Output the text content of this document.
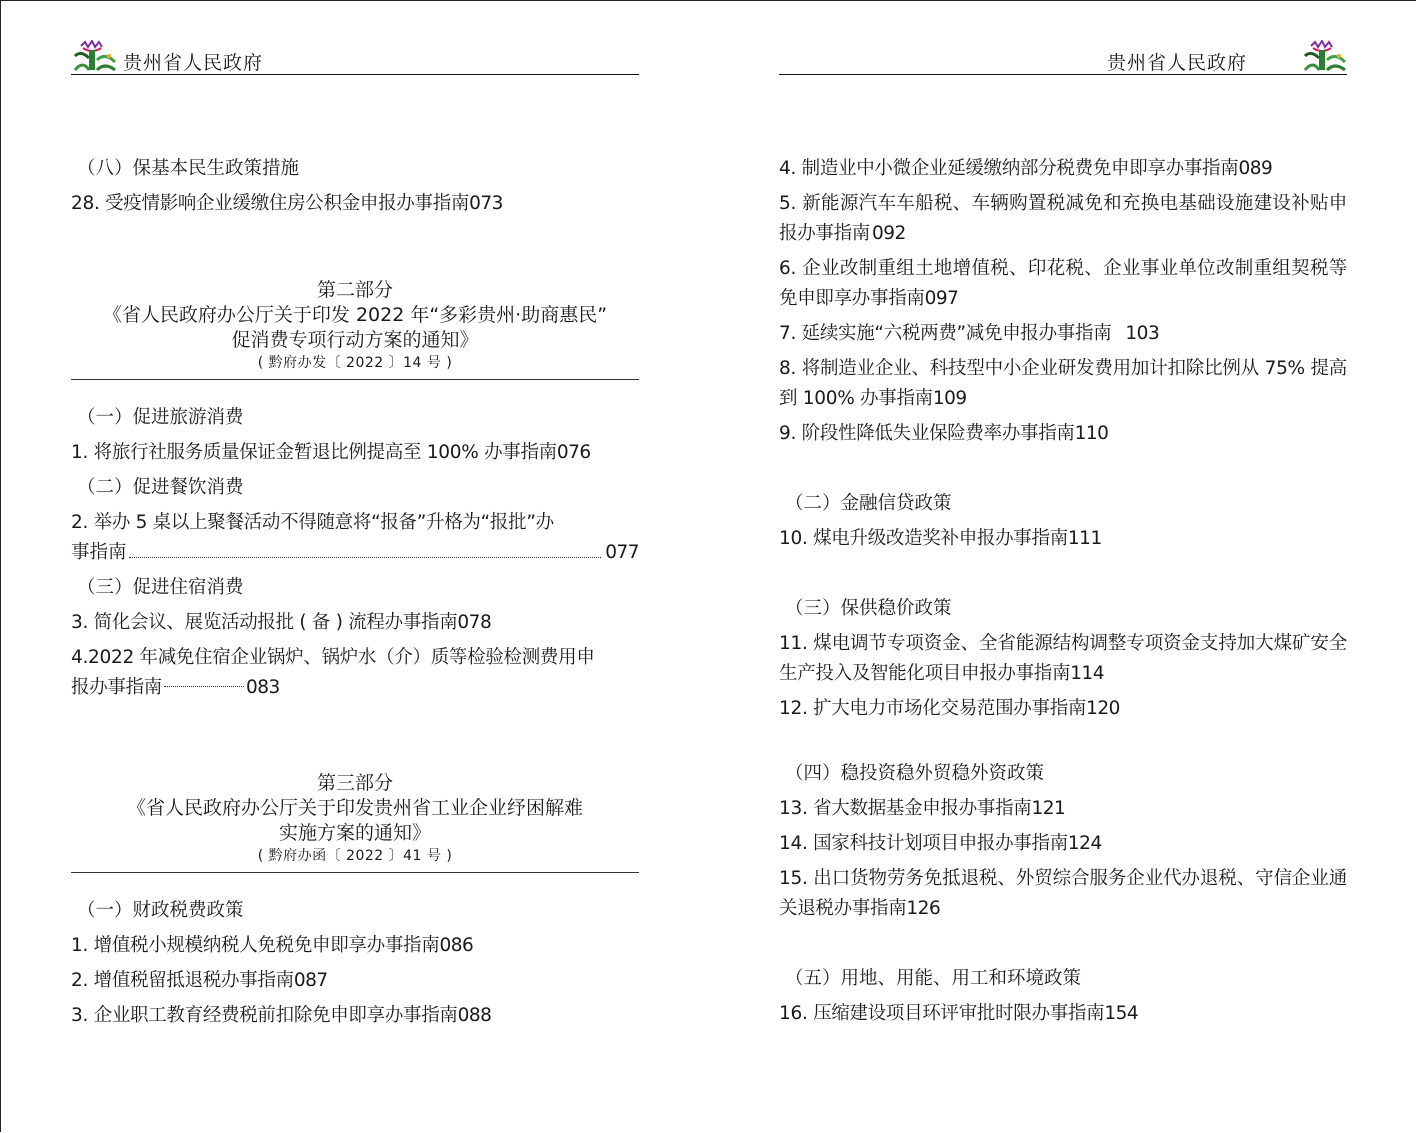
贵州省人民政府
（八）保基本民生政策措施
28. 受疫情影响企业缓缴住房公积金申报办事指南073
第二部分
《省人民政府办公厅关于印发 2022 年“多彩贵州·助商惠民”
促消费专项行动方案的通知》
( 黔府办发〔 2022 〕14 号 )
（一）促进旅游消费
1. 将旅行社服务质量保证金暂退比例提高至 100% 办事指南076
（二）促进餐饮消费
2. 举办 5 桌以上聚餐活动不得随意将“报备”升格为“报批”办
事指南	077
（三）促进住宿消费
3. 简化会议、展览活动报批 ( 备 ) 流程办事指南078
4.2022 年减免住宿企业锅炉、锅炉水（介）质等检验检测费用申
报办事指南	083
第三部分
《省人民政府办公厅关于印发贵州省工业企业纾困解难
实施方案的通知》
( 黔府办函〔 2022 〕41 号 )
（一）财政税费政策
1. 增值税小规模纳税人免税免申即享办事指南086
2. 增值税留抵退税办事指南087
3. 企业职工教育经费税前扣除免申即享办事指南088
贵州省人民政府
4. 制造业中小微企业延缓缴纳部分税费免申即享办事指南089
5. 新能源汽车车船税、车辆购置税减免和充换电基础设施建设补贴申报办事指南 092
6. 企业改制重组土地增值税、印花税、企业事业单位改制重组契税等免申即享办事指南097
7. 延续实施“六税两费”减免申报办事指南 103
8. 将制造业企业、科技型中小企业研发费用加计扣除比例从 75% 提高到 100% 办事指南109
9. 阶段性降低失业保险费率办事指南110
（二）金融信贷政策
10. 煤电升级改造奖补申报办事指南111
（三）保供稳价政策
11. 煤电调节专项资金、全省能源结构调整专项资金支持加大煤矿安全生产投入及智能化项目申报办事指南114
12. 扩大电力市场化交易范围办事指南120
（四）稳投资稳外贸稳外资政策
13. 省大数据基金申报办事指南121
14. 国家科技计划项目申报办事指南124
15. 出口货物劳务免抵退税、外贸综合服务企业代办退税、守信企业通关退税办事指南126
（五）用地、用能、用工和环境政策
16. 压缩建设项目环评审批时限办事指南154
